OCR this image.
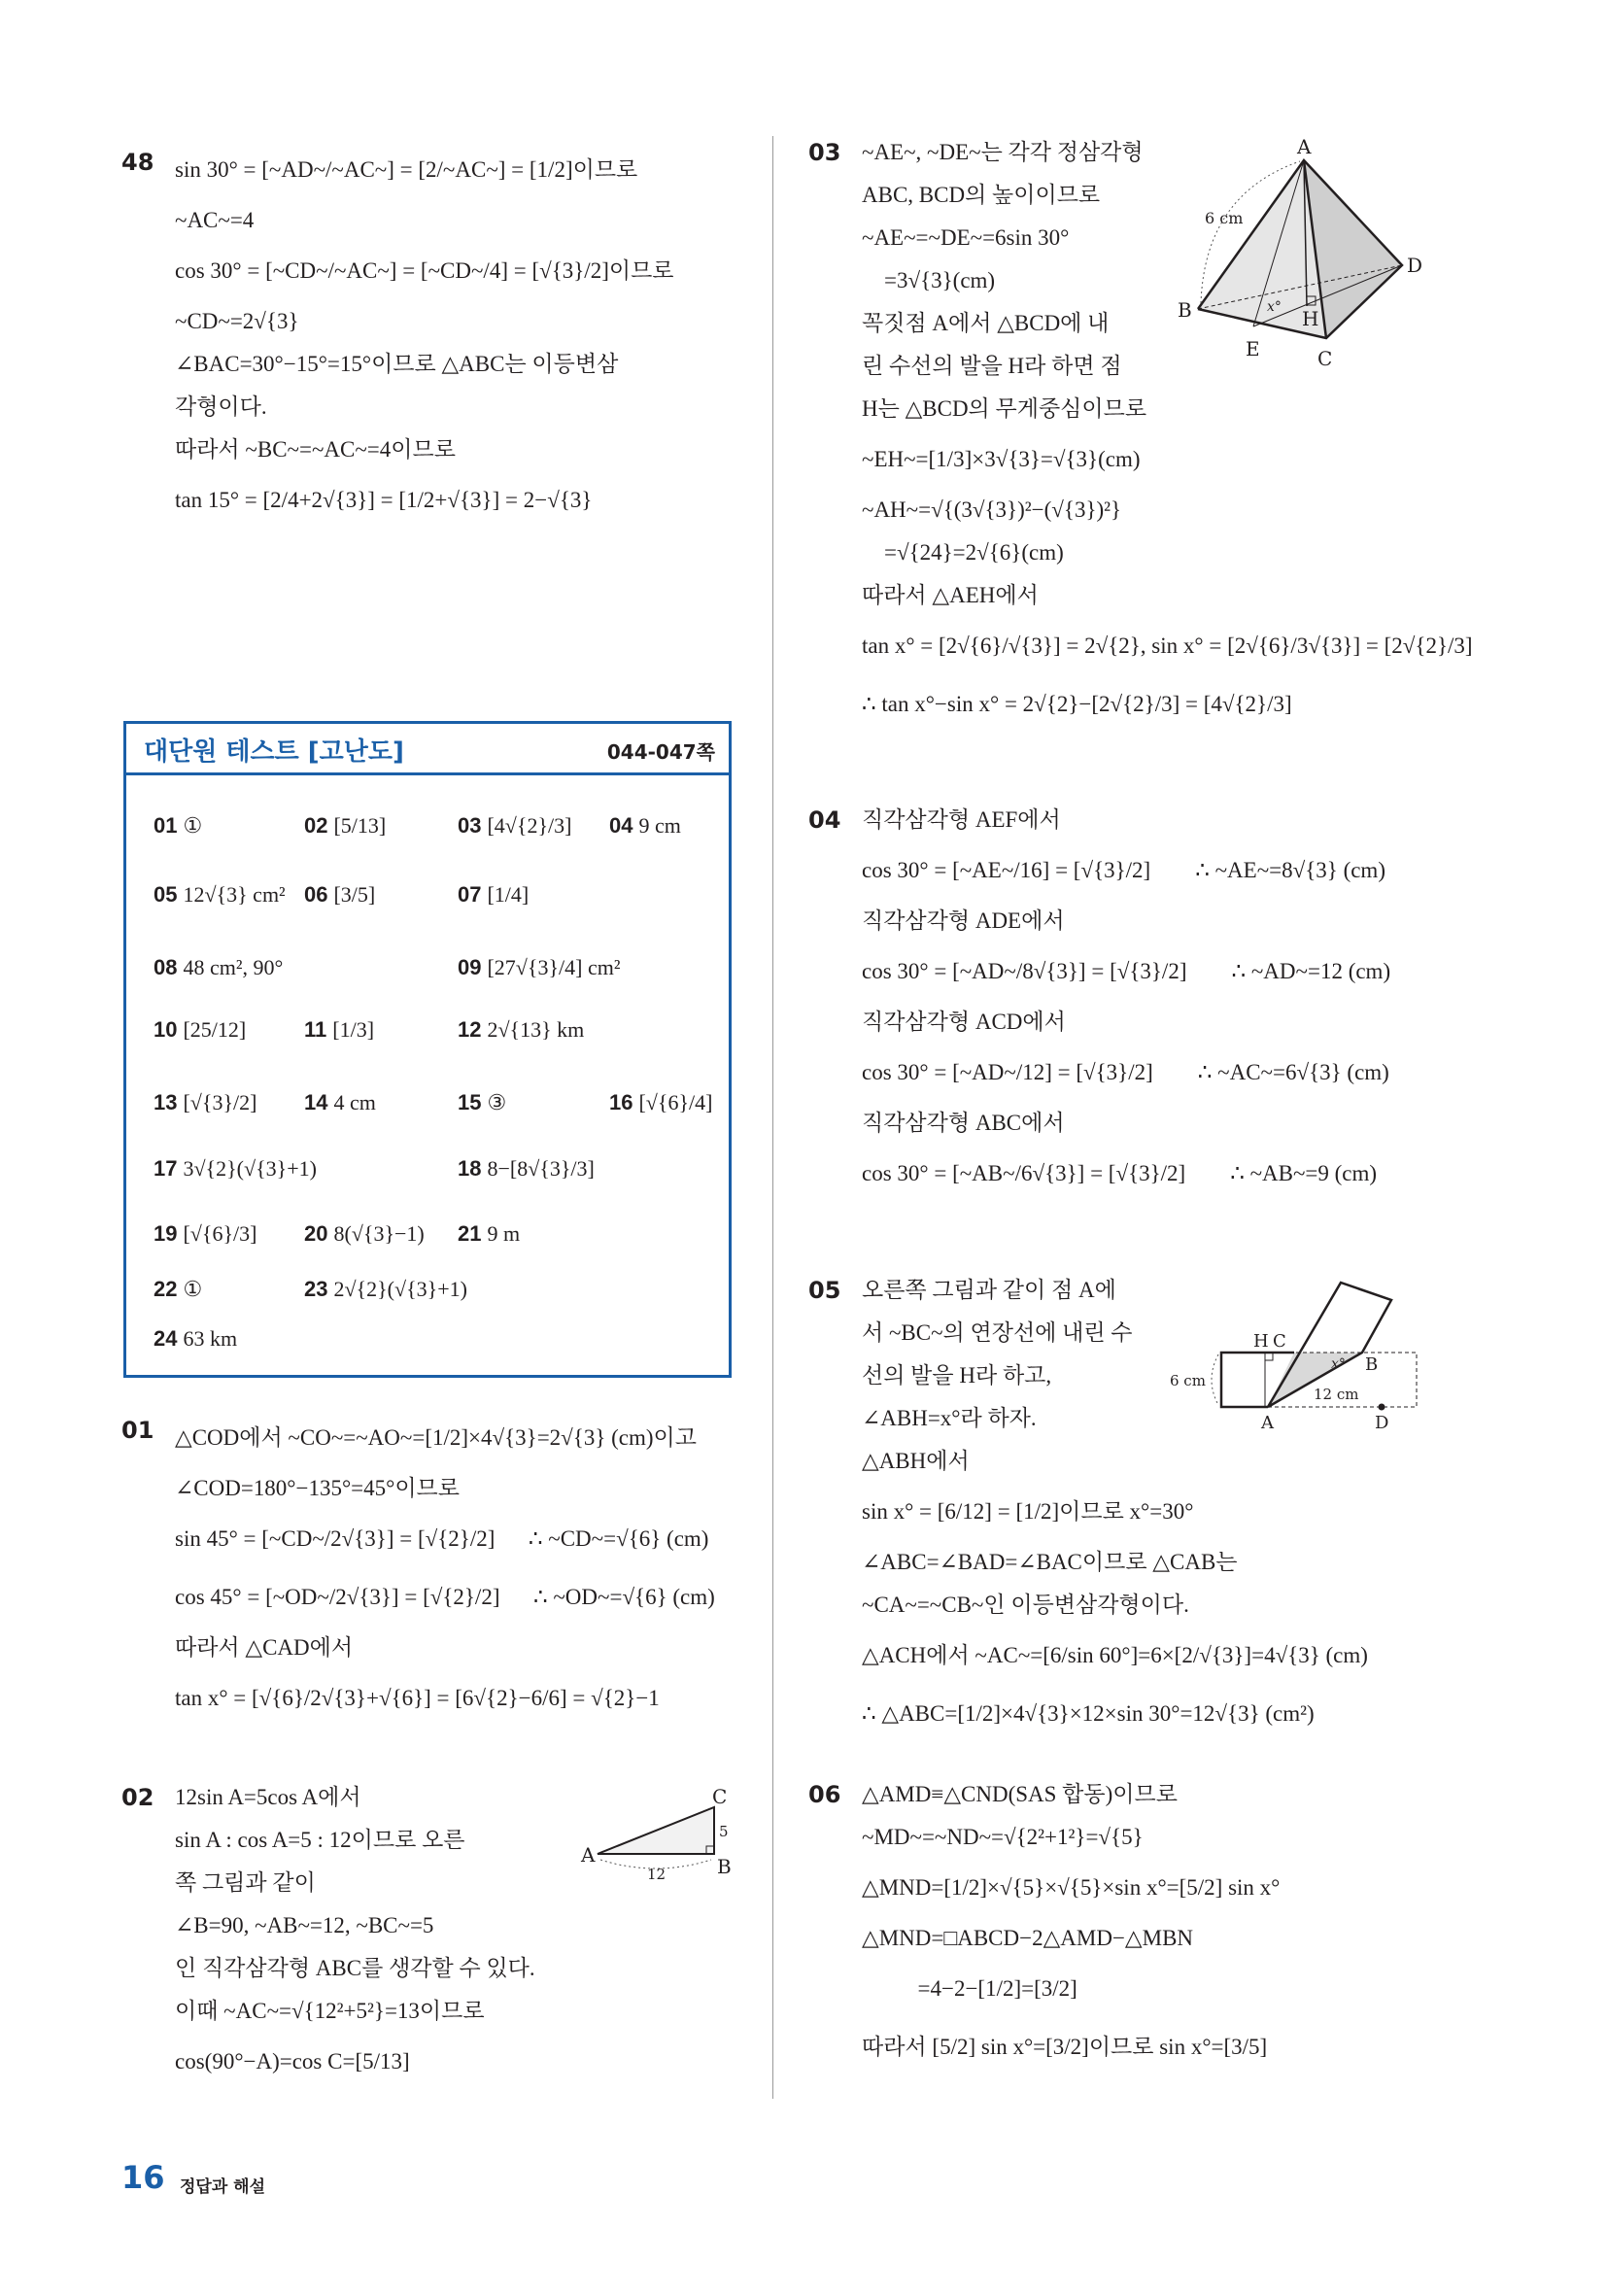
48 sin 30° = [~AD~/~AC~] = [2/~AC~] = [1/2]이므로
~AC~=4
cos 30° = [~CD~/~AC~] = [~CD~/4] = [√{3}/2]이므로
~CD~=2√{3}
∠BAC=30°−15°=15°이므로 △ABC는 이등변삼
각형이다.
따라서 ~BC~=~AC~=4이므로
tan 15° = [2/4+2√{3}] = [1/2+√{3}] = 2−√{3}
대단원 테스트 [고난도]	044-047쪽
01 ①	02 [5/13]	03 [4√{2}/3] 04 9 cm
05 12√{3} cm² 06 [3/5]	07 [1/4]
08 48 cm², 90°	09 [27√{3}/4] cm²
10 [25/12]	11 [1/3]	12 2√{13} km
13 [√{3}/2] 14 4 cm	15 ③	16 [√{6}/4]
17 3√{2}(√{3}+1)	18 8−[8√{3}/3]
19 [√{6}/3] 20 8(√{3}−1) 21 9 m
22 ①	23 2√{2}(√{3}+1)
24 63 km
01 △COD에서 ~CO~=~AO~=[1/2]×4√{3}=2√{3} (cm)이고
∠COD=180°−135°=45°이므로
sin 45° = [~CD~/2√{3}] = [√{2}/2]      ∴ ~CD~=√{6} (cm)
cos 45° = [~OD~/2√{3}] = [√{2}/2]      ∴ ~OD~=√{6} (cm)
따라서 △CAD에서
tan x° = [√{6}/2√{3}+√{6}] = [6√{2}−6/6] = √{2}−1
02 12sin A=5cos A에서
sin A : cos A=5 : 12이므로 오른
쪽 그림과 같이
∠B=90, ~AB~=12, ~BC~=5
인 직각삼각형 ABC를 생각할 수 있다.
이때 ~AC~=√{12²+5²}=13이므로
cos(90°−A)=cos C=[5/13]
A	B
C
5
12
03 ~AE~, ~DE~는 각각 정삼각형
ABC, BCD의 높이이므로
~AE~=~DE~=6sin 30°
=3√{3}(cm)
꼭짓점 A에서 △BCD에 내
린 수선의 발을 H라 하면 점
H는 △BCD의 무게중심이므로
~EH~=[1/3]×3√{3}=√{3}(cm)
~AH~=√{(3√{3})²−(√{3})²}
=√{24}=2√{6}(cm)
따라서 △AEH에서
tan x° = [2√{6}/√{3}] = 2√{2}, sin x° = [2√{6}/3√{3}] = [2√{2}/3]
∴ tan x°−sin x° = 2√{2}−[2√{2}/3] = [4√{2}/3]
A
B
C
D
E
H
x°
6 cm
04 직각삼각형 AEF에서
cos 30° = [~AE~/16] = [√{3}/2]        ∴ ~AE~=8√{3} (cm)
직각삼각형 ADE에서
cos 30° = [~AD~/8√{3}] = [√{3}/2]        ∴ ~AD~=12 (cm)
직각삼각형 ACD에서
cos 30° = [~AD~/12] = [√{3}/2]        ∴ ~AC~=6√{3} (cm)
직각삼각형 ABC에서
cos 30° = [~AB~/6√{3}] = [√{3}/2]        ∴ ~AB~=9 (cm)
05 오른쪽 그림과 같이 점 A에
서 ~BC~의 연장선에 내린 수
선의 발을 H라 하고,
∠ABH=x°라 하자.
△ABH에서
sin x° = [6/12] = [1/2]이므로 x°=30°
∠ABC=∠BAD=∠BAC이므로 △CAB는
~CA~=~CB~인 이등변삼각형이다.
△ACH에서 ~AC~=[6/sin 60°]=6×[2/√{3}]=4√{3} (cm)
∴ △ABC=[1/2]×4√{3}×12×sin 30°=12√{3} (cm²)
H C
B
A	D
x°
6 cm
12 cm
06 △AMD≡△CND(SAS 합동)이므로
~MD~=~ND~=√{2²+1²}=√{5}
△MND=[1/2]×√{5}×√{5}×sin x°=[5/2] sin x°
△MND=□ABCD−2△AMD−△MBN
=4−2−[1/2]=[3/2]
따라서 [5/2] sin x°=[3/2]이므로 sin x°=[3/5]
16 정답과 해설
